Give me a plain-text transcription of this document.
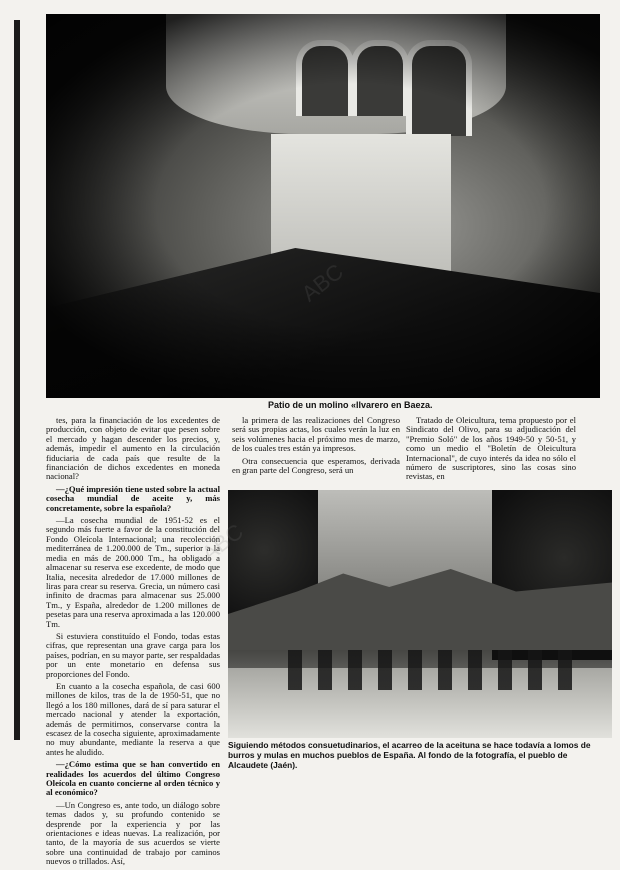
Patio de un molino «llvarero en Baeza.

tes, para la financiación de los excedentes de producción, con objeto de evitar que pesen sobre el mercado y hagan descender los precios, y, además, impedir el aumento en la circulación fiduciaria de cada país que resulte de la financiación de dichos excedentes en moneda nacional?

—¿Qué impresión tiene usted sobre la actual cosecha mundial de aceite y, más concretamente, sobre la española?

—La cosecha mundial de 1951-52 es el segundo más fuerte a favor de la constitución del Fondo Oleícola Internacional; una recolección mediterránea de 1.200.000 de Tm., superior a la media en más de 200.000 Tm., ha obligado a almacenar su reserva ese excedente, de modo que Italia, necesita alrededor de 17.000 millones de liras para crear su reserva. Grecia, un número casi infinito de dracmas para almacenar sus 25.000 Tm., y España, alrededor de 1.200 millones de pesetas para una reserva aproximada a las 120.000 Tm.

Si estuviera constituído el Fondo, todas estas cifras, que representan una grave carga para los países, podrían, en su mayor parte, ser respaldadas por un ente monetario en defensa sus proporciones del Fondo.

En cuanto a la cosecha española, de casi 600 millones de kilos, tras de la de 1950-51, que no llegó a los 180 millones, dará de sí para saturar el mercado nacional y atender la exportación, además de permitirnos, conservarse contra la escasez de la cosecha siguiente, aproximadamente no muy abundante, mediante la reserva a que antes he aludido.

—¿Cómo estima que se han convertido en realidades los acuerdos del último Congreso Oleícola en cuanto concierne al orden técnico y al económico?

—Un Congreso es, ante todo, un diálogo sobre temas dados y, su profundo contenido se desprende por la experiencia y por las orientaciones e ideas nuevas. La realización, por tanto, de la mayoría de sus acuerdos se vierte sobre una continuidad de trabajo por caminos nuevos o trillados. Así,

la primera de las realizaciones del Congreso será sus propias actas, los cuales verán la luz en seis volúmenes hacia el próximo mes de marzo, de los cuales tres están ya impresos.

Otra consecuencia que esperamos, derivada en gran parte del Congreso, será un

Tratado de Oleicultura, tema propuesto por el Sindicato del Olivo, para su adjudicación del "Premio Soló" de los años 1949-50 y 50-51, y como un medio el "Boletín de Oleicultura Internacional", de cuyo interés da idea no sólo el número de suscriptores, sino las cosas sino revistas, en

Siguiendo métodos consuetudinarios, el acarreo de la aceituna se hace todavía a lomos de burros y mulas en muchos pueblos de España. Al fondo de la fotografía, el pueblo de Alcaudete (Jaén).
ABC
